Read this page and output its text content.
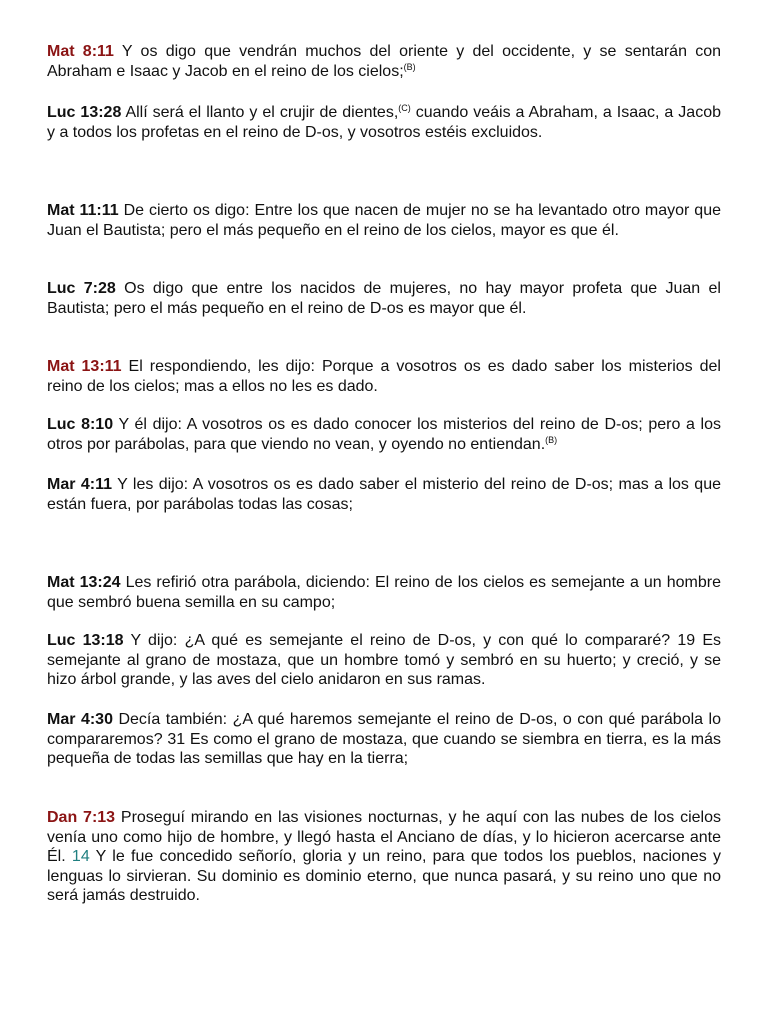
Mat 8:11 Y os digo que vendrán muchos del oriente y del occidente, y se sentarán con Abraham e Isaac y Jacob en el reino de los cielos;$^{(B)}$

Luc 13:28 Allí será el llanto y el crujir de dientes,$^{(C)}$ cuando veáis a Abraham, a Isaac, a Jacob y a todos los profetas en el reino de D-os, y vosotros estéis excluidos.

Mat 11:11 De cierto os digo: Entre los que nacen de mujer no se ha levantado otro mayor que Juan el Bautista; pero el más pequeño en el reino de los cielos, mayor es que él.

Luc 7:28 Os digo que entre los nacidos de mujeres, no hay mayor profeta que Juan el Bautista; pero el más pequeño en el reino de D-os es mayor que él.

Mat 13:11 El respondiendo, les dijo: Porque a vosotros os es dado saber los misterios del reino de los cielos; mas a ellos no les es dado.

Luc 8:10 Y él dijo: A vosotros os es dado conocer los misterios del reino de D-os; pero a los otros por parábolas, para que viendo no vean, y oyendo no entiendan.$^{(B)}$

Mar 4:11 Y les dijo: A vosotros os es dado saber el misterio del reino de D-os; mas a los que están fuera, por parábolas todas las cosas;

Mat 13:24 Les refirió otra parábola, diciendo: El reino de los cielos es semejante a un hombre que sembró buena semilla en su campo;

Luc 13:18 Y dijo: ¿A qué es semejante el reino de D-os, y con qué lo compararé? 19 Es semejante al grano de mostaza, que un hombre tomó y sembró en su huerto; y creció, y se hizo árbol grande, y las aves del cielo anidaron en sus ramas.

Mar 4:30 Decía también: ¿A qué haremos semejante el reino de D-os, o con qué parábola lo compararemos? 31 Es como el grano de mostaza, que cuando se siembra en tierra, es la más pequeña de todas las semillas que hay en la tierra;

Dan 7:13 Proseguí mirando en las visiones nocturnas, y he aquí con las nubes de los cielos venía uno como hijo de hombre, y llegó hasta el Anciano de días, y lo hicieron acercarse ante Él. 14 Y le fue concedido señorío, gloria y un reino, para que todos los pueblos, naciones y lenguas lo sirvieran. Su dominio es dominio eterno, que nunca pasará, y su reino uno que no será jamás destruido.
